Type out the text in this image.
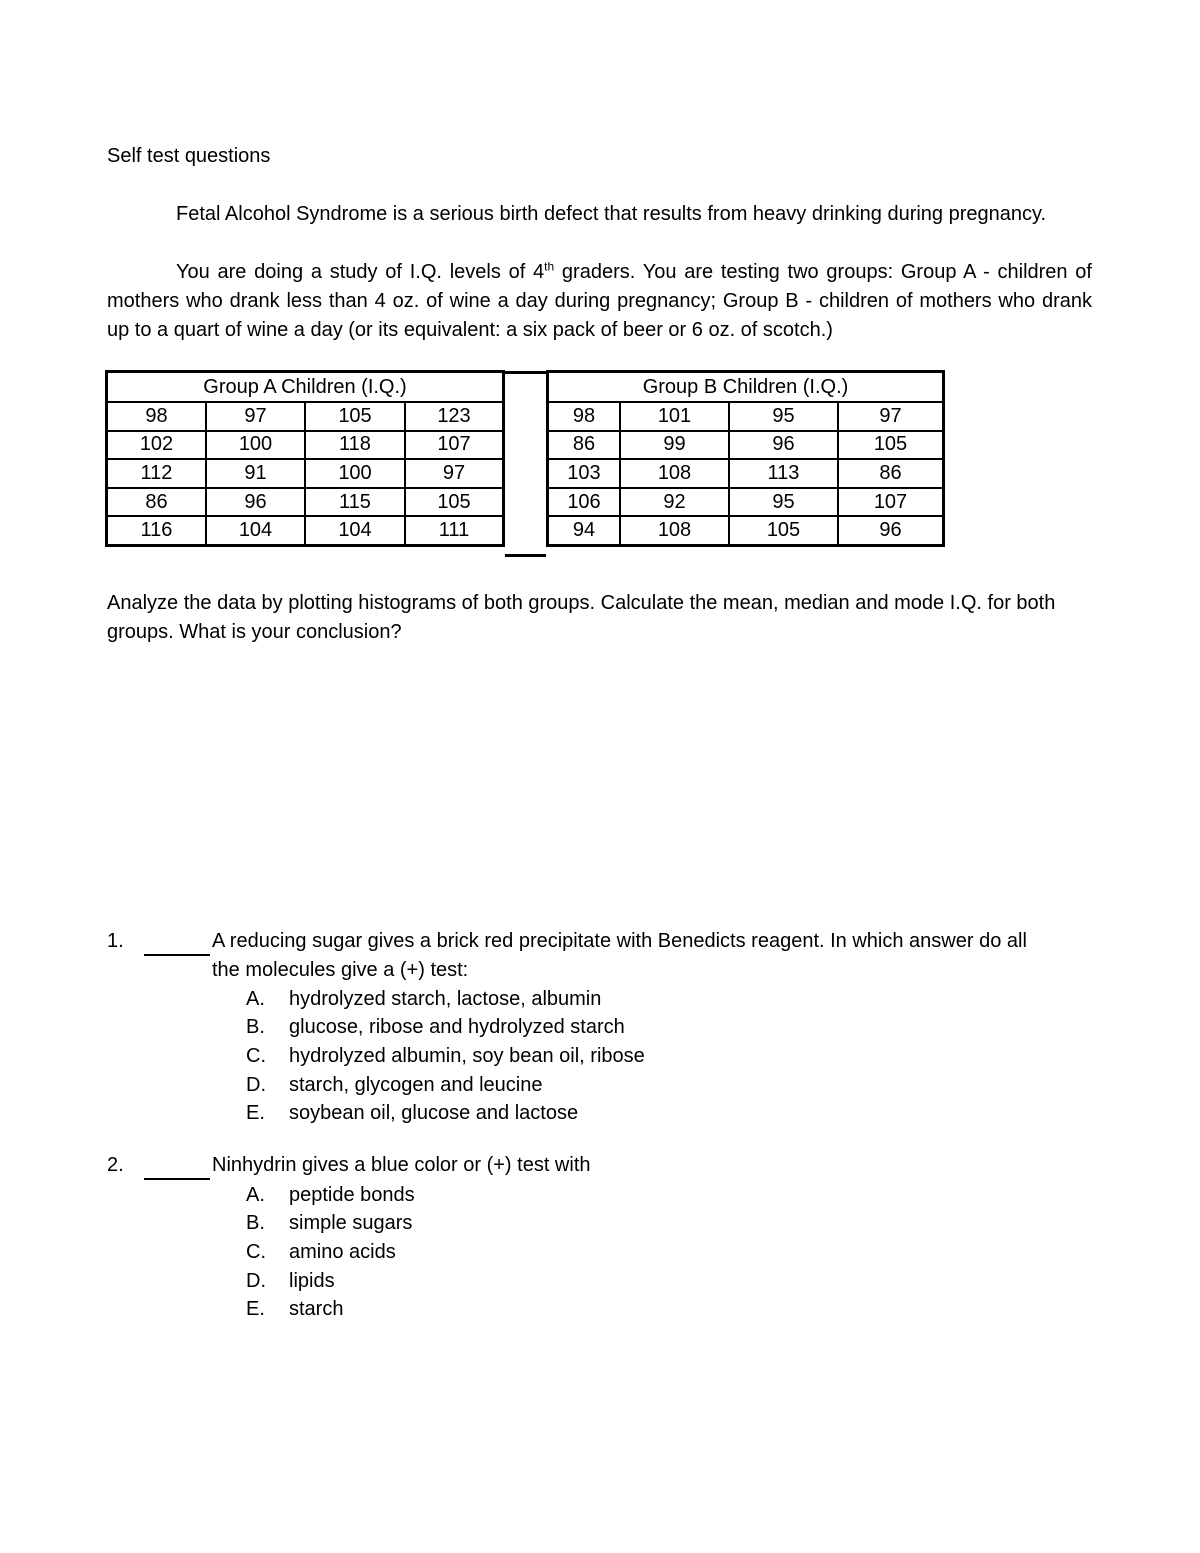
Self test questions
Fetal Alcohol Syndrome is a serious birth defect that results from heavy drinking during pregnancy.
You are doing a study of I.Q. levels of 4th graders. You are testing two groups: Group A - children of mothers who drank less than 4 oz. of wine a day during pregnancy; Group B - children of mothers who drank up to a quart of wine a day (or its equivalent: a six pack of beer or 6 oz. of scotch.)
Group A Children (I.Q.)			
98	97	105	123
102	100	118	107
112	91	100	97
86	96	115	105
116	104	104	111
Group B Children (I.Q.)			
98	101	95	97
86	99	96	105
103	108	113	86
106	92	95	107
94	108	105	96
Analyze the data by plotting histograms of both groups. Calculate the mean, median and mode I.Q. for both groups. What is your conclusion?
1.	A reducing sugar gives a brick red precipitate with Benedicts reagent. In which answer do all
the molecules give a (+) test:
A. hydrolyzed starch, lactose, albumin
B. glucose, ribose and hydrolyzed starch
C. hydrolyzed albumin, soy bean oil, ribose
D. starch, glycogen and leucine
E. soybean oil, glucose and lactose
2.	Ninhydrin gives a blue color or (+) test with
A. peptide bonds
B. simple sugars
C. amino acids
D. lipids
E. starch
